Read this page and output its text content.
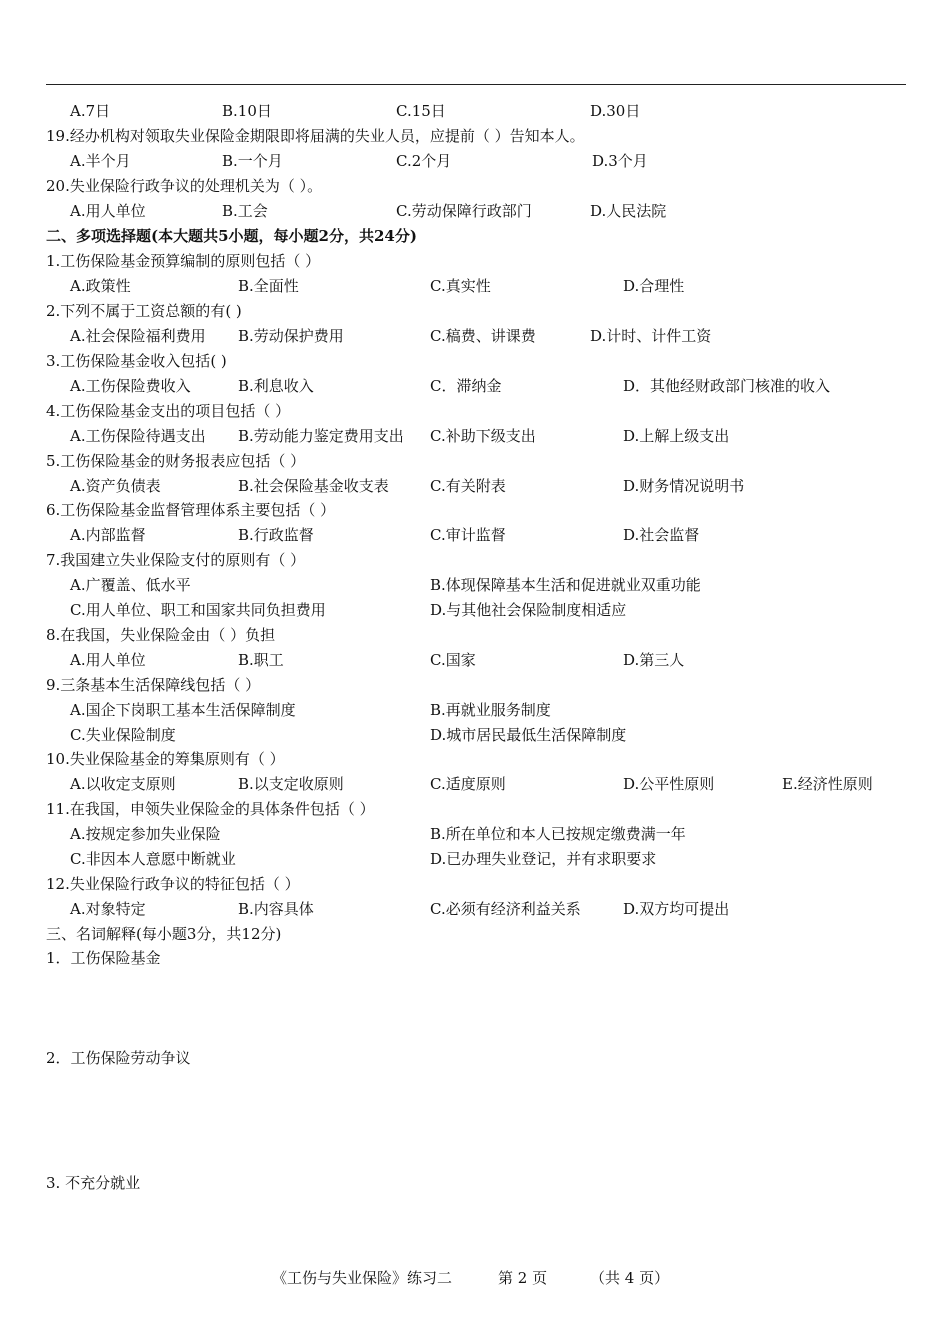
A.7日	B.10日	C.15日	D.30日
19.经办机构对领取失业保险金期限即将届满的失业人员，应提前（ ）告知本人。
A.半个月	B.一个月	C.2个月	D.3个月
20.失业保险行政争议的处理机关为（ ）。
A.用人单位	B.工会	C.劳动保障行政部门	D.人民法院
二、多项选择题(本大题共5小题，每小题2分，共24分)
1.工伤保险基金预算编制的原则包括（ ）
A.政策性	B.全面性	C.真实性	D.合理性
2.下列不属于工资总额的有( )
A.社会保险福利费用 B.劳动保护费用	C.稿费、讲课费	D.计时、计件工资
3.工伤保险基金收入包括( )
A.工伤保险费收入	B.利息收入	C．滞纳金	D．其他经财政部门核准的收入
4.工伤保险基金支出的项目包括（ ）
A.工伤保险待遇支出 B.劳动能力鉴定费用支出 C.补助下级支出	D.上解上级支出
5.工伤保险基金的财务报表应包括（ ）
A.资产负债表	B.社会保险基金收支表	C.有关附表	D.财务情况说明书
6.工伤保险基金监督管理体系主要包括（ ）
A.内部监督	B.行政监督	C.审计监督	D.社会监督
7.我国建立失业保险支付的原则有（ ）
A.广覆盖、低水平	B.体现保障基本生活和促进就业双重功能
C.用人单位、职工和国家共同负担费用	D.与其他社会保险制度相适应
8.在我国，失业保险金由（ ）负担
A.用人单位	B.职工	C.国家	D.第三人
9.三条基本生活保障线包括（ ）
A.国企下岗职工基本生活保障制度	B.再就业服务制度
C.失业保险制度	D.城市居民最低生活保障制度
10.失业保险基金的筹集原则有（ ）
A.以收定支原则	B.以支定收原则	C.适度原则	D.公平性原则	E.经济性原则
11.在我国，申领失业保险金的具体条件包括（ ）
A.按规定参加失业保险	B.所在单位和本人已按规定缴费满一年
C.非因本人意愿中断就业	D.已办理失业登记，并有求职要求
12.失业保险行政争议的特征包括（ ）
A.对象特定	B.内容具体	C.必须有经济利益关系	D.双方均可提出
三、名词解释(每小题3分，共12分)
1．工伤保险基金
2．工伤保险劳动争议
3. 不充分就业
《工伤与失业保险》练习二	第 2 页	（共 4 页）
